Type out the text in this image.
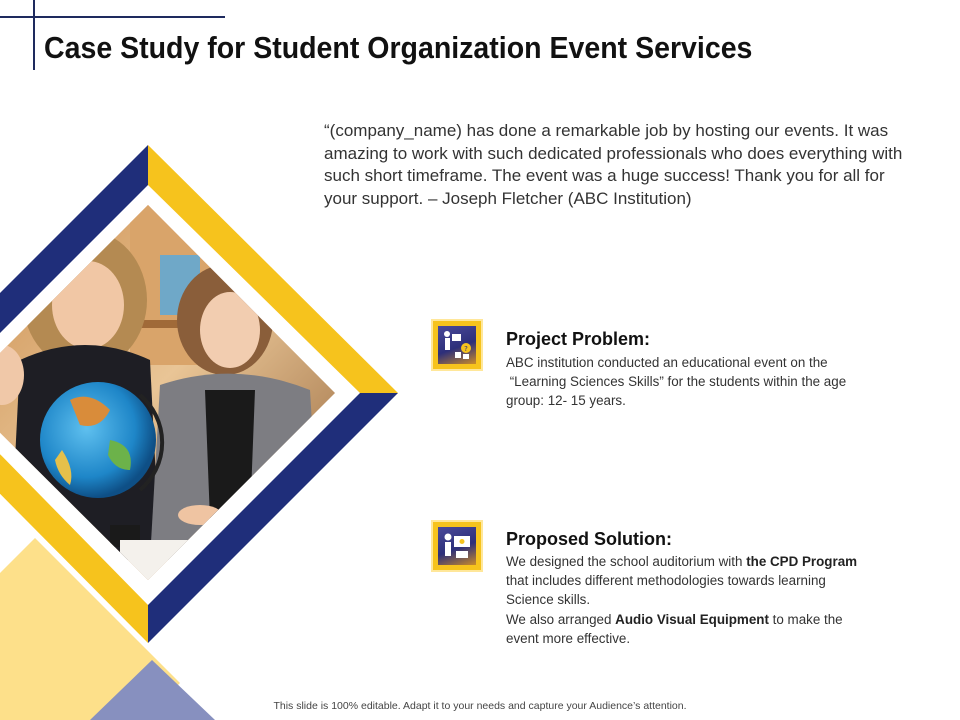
Case Study for Student Organization Event Services

“(company_name) has done a remarkable job by hosting our events. It was amazing to work with such dedicated professionals who does everything with such short timeframe. The event was a huge success! Thank you for all for your support. – Joseph Fletcher (ABC Institution)

? Project Problem:

ABC institution conducted an educational event on the

“Learning Sciences Skills” for the students within the age

group: 12- 15 years.

Proposed Solution:

We designed the school auditorium with the CPD Program that includes different methodologies towards learning Science skills.

We also arranged Audio Visual Equipment to make the event more effective.

This slide is 100% editable. Adapt it to your needs and capture your Audience’s attention.
